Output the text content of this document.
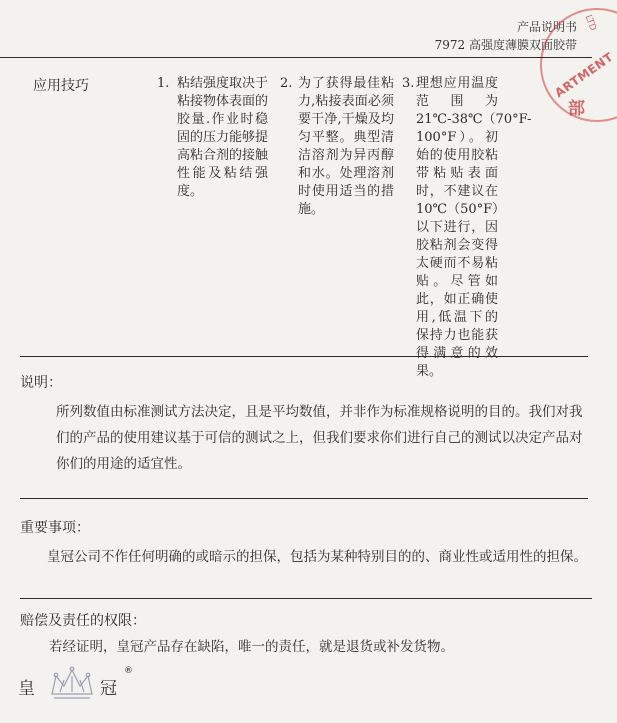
产品说明书
7972 高强度薄膜双面胶带
LTD
ARTMENT
部
应用技巧	1. 粘结强度取决于粘接物体表面的胶量.作业时稳固的压力能够提高粘合剂的接触性能及粘结强度。
2. 为了获得最佳粘力,粘接表面必须要干净,干燥及均匀平整。典型清洁溶剂为异丙醇和水。处理溶剂时使用适当的措施。
3. 理想应用温度范围为 21℃-38℃（70°F-100°F）。初始的使用胶粘带粘贴表面时，不建议在10℃（50°F）以下进行，因胶粘剂会变得太硬而不易粘贴。尽管如此，如正确使用,低温下的保持力也能获得满意的效果。
说明：
所列数值由标准测试方法决定，且是平均数值，并非作为标准规格说明的目的。我们对我
们的产品的使用建议基于可信的测试之上，但我们要求你们进行自己的测试以决定产品对
你们的用途的适宜性。
重要事项：
皇冠公司不作任何明确的或暗示的担保，包括为某种特别目的的、商业性或适用性的担保。
赔偿及责任的权限：
若经证明，皇冠产品存在缺陷，唯一的责任，就是退货或补发货物。
皇	冠
®
